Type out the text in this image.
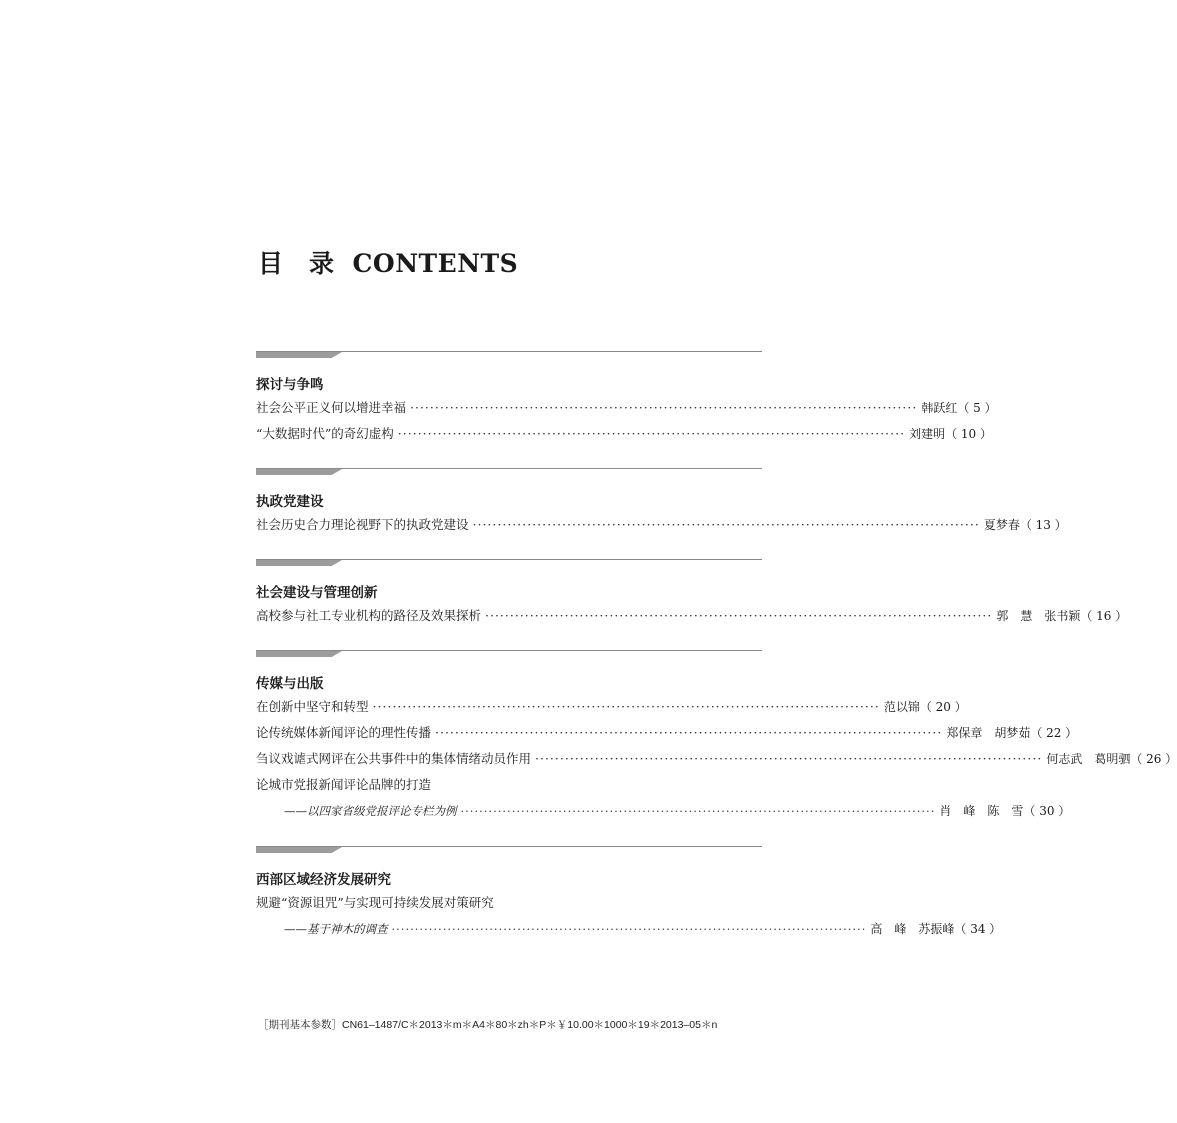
目　录 CONTENTS
探讨与争鸣
社会公平正义何以增进幸福 ······································································································ 韩跃红 （ 5 ）
“大数据时代”的奇幻虚构 ······································································································ 刘建明 （ 10 ）
执政党建设
社会历史合力理论视野下的执政党建设 ······································································································ 夏梦春 （ 13 ）
社会建设与管理创新
高校参与社工专业机构的路径及效果探析 ······································································································ 郭　慧　张书颖 （ 16 ）
传媒与出版
在创新中坚守和转型 ······································································································ 范以锦 （ 20 ）
论传统媒体新闻评论的理性传播 ······································································································ 郑保章　胡梦茹 （ 22 ）
刍议戏谑式网评在公共事件中的集体情绪动员作用 ······································································································ 何志武　葛明驷 （ 26 ）
论城市党报新闻评论品牌的打造
——以四家省级党报评论专栏为例 ······································································································ 肖　峰　陈　雪 （ 30 ）
西部区域经济发展研究
规避“资源诅咒”与实现可持续发展对策研究
——基于神木的调查 ······································································································ 高　峰　苏振峰 （ 34 ）
［期刊基本参数］CN61–1487/C＊2013＊m＊A4＊80＊zh＊P＊￥10.00＊1000＊19＊2013–05＊n
